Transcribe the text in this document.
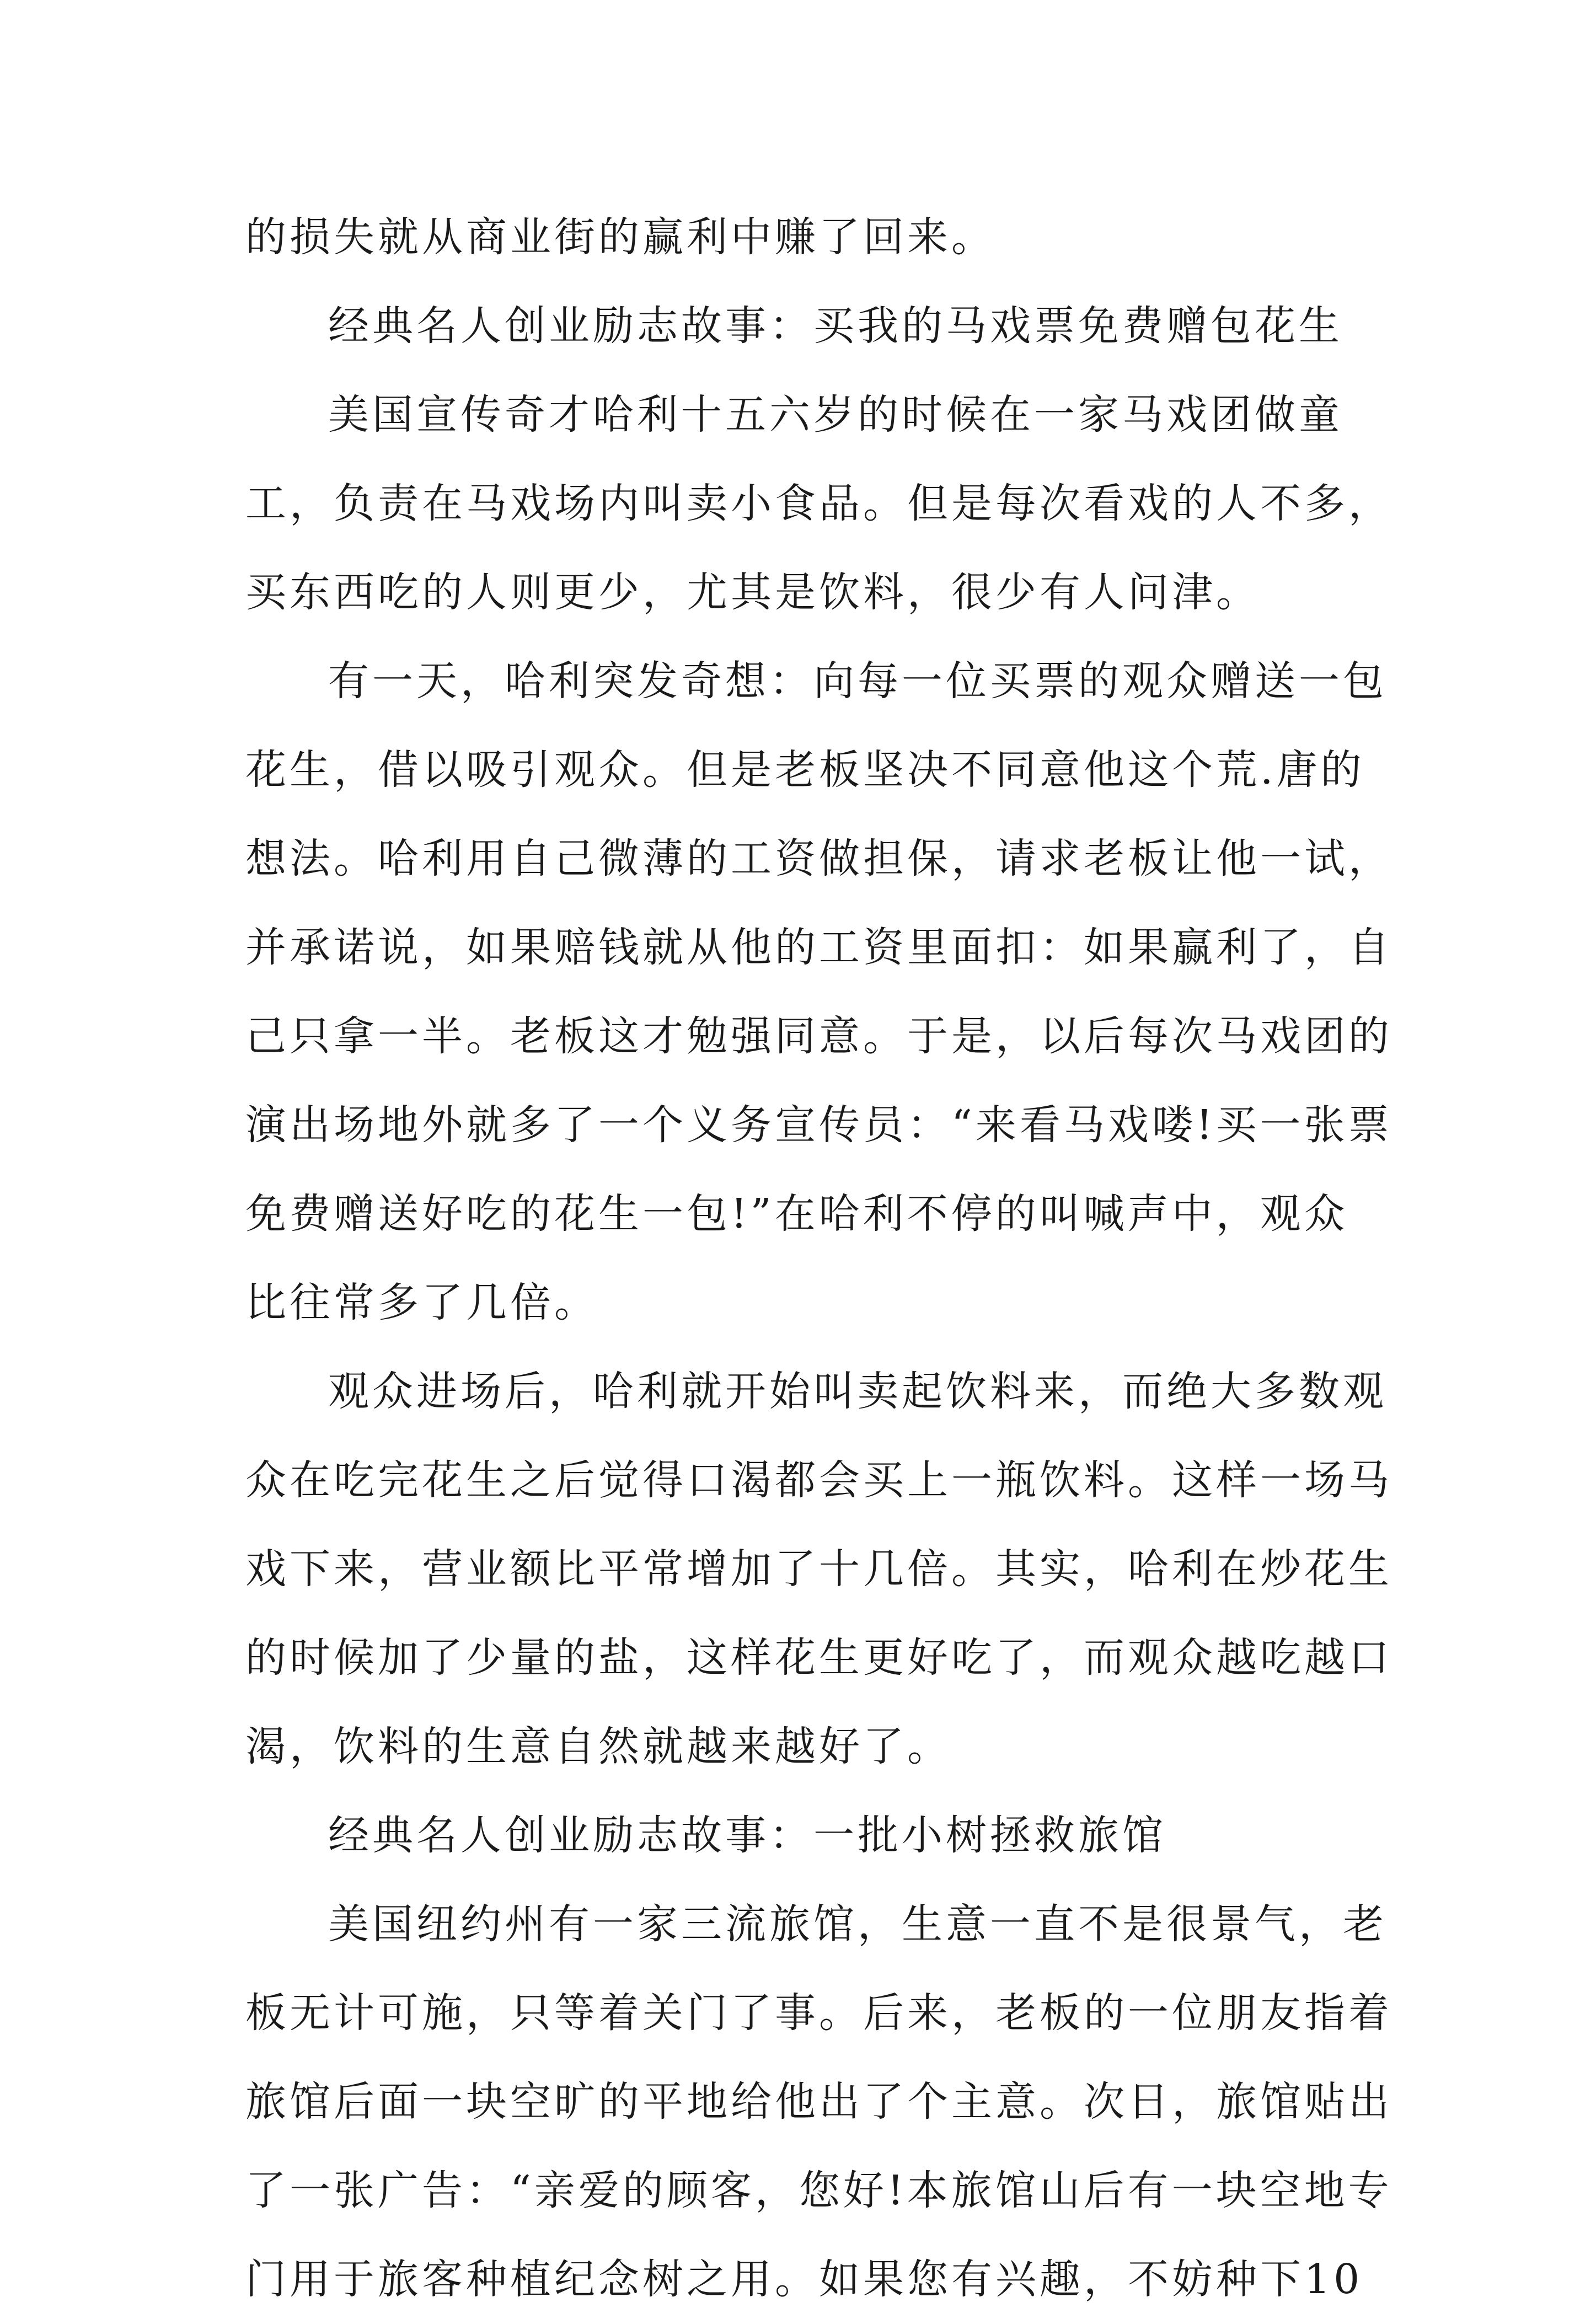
的损失就从商业街的赢利中赚了回来。
经典名人创业励志故事：买我的马戏票免费赠包花生
美国宣传奇才哈利十五六岁的时候在一家马戏团做童
工，负责在马戏场内叫卖小食品。但是每次看戏的人不多，
买东西吃的人则更少，尤其是饮料，很少有人问津。
有一天，哈利突发奇想：向每一位买票的观众赠送一包
花生，借以吸引观众。但是老板坚决不同意他这个荒.唐的
想法。哈利用自己微薄的工资做担保，请求老板让他一试，
并承诺说，如果赔钱就从他的工资里面扣：如果赢利了，自
己只拿一半。老板这才勉强同意。于是，以后每次马戏团的
演出场地外就多了一个义务宣传员：“来看马戏喽!买一张票
免费赠送好吃的花生一包!”在哈利不停的叫喊声中，观众
比往常多了几倍。
观众进场后，哈利就开始叫卖起饮料来，而绝大多数观
众在吃完花生之后觉得口渴都会买上一瓶饮料。这样一场马
戏下来，营业额比平常增加了十几倍。其实，哈利在炒花生
的时候加了少量的盐，这样花生更好吃了，而观众越吃越口
渴，饮料的生意自然就越来越好了。
经典名人创业励志故事：一批小树拯救旅馆
美国纽约州有一家三流旅馆，生意一直不是很景气，老
板无计可施，只等着关门了事。后来，老板的一位朋友指着
旅馆后面一块空旷的平地给他出了个主意。次日，旅馆贴出
了一张广告：“亲爱的顾客，您好!本旅馆山后有一块空地专
门用于旅客种植纪念树之用。如果您有兴趣，不妨种下10
